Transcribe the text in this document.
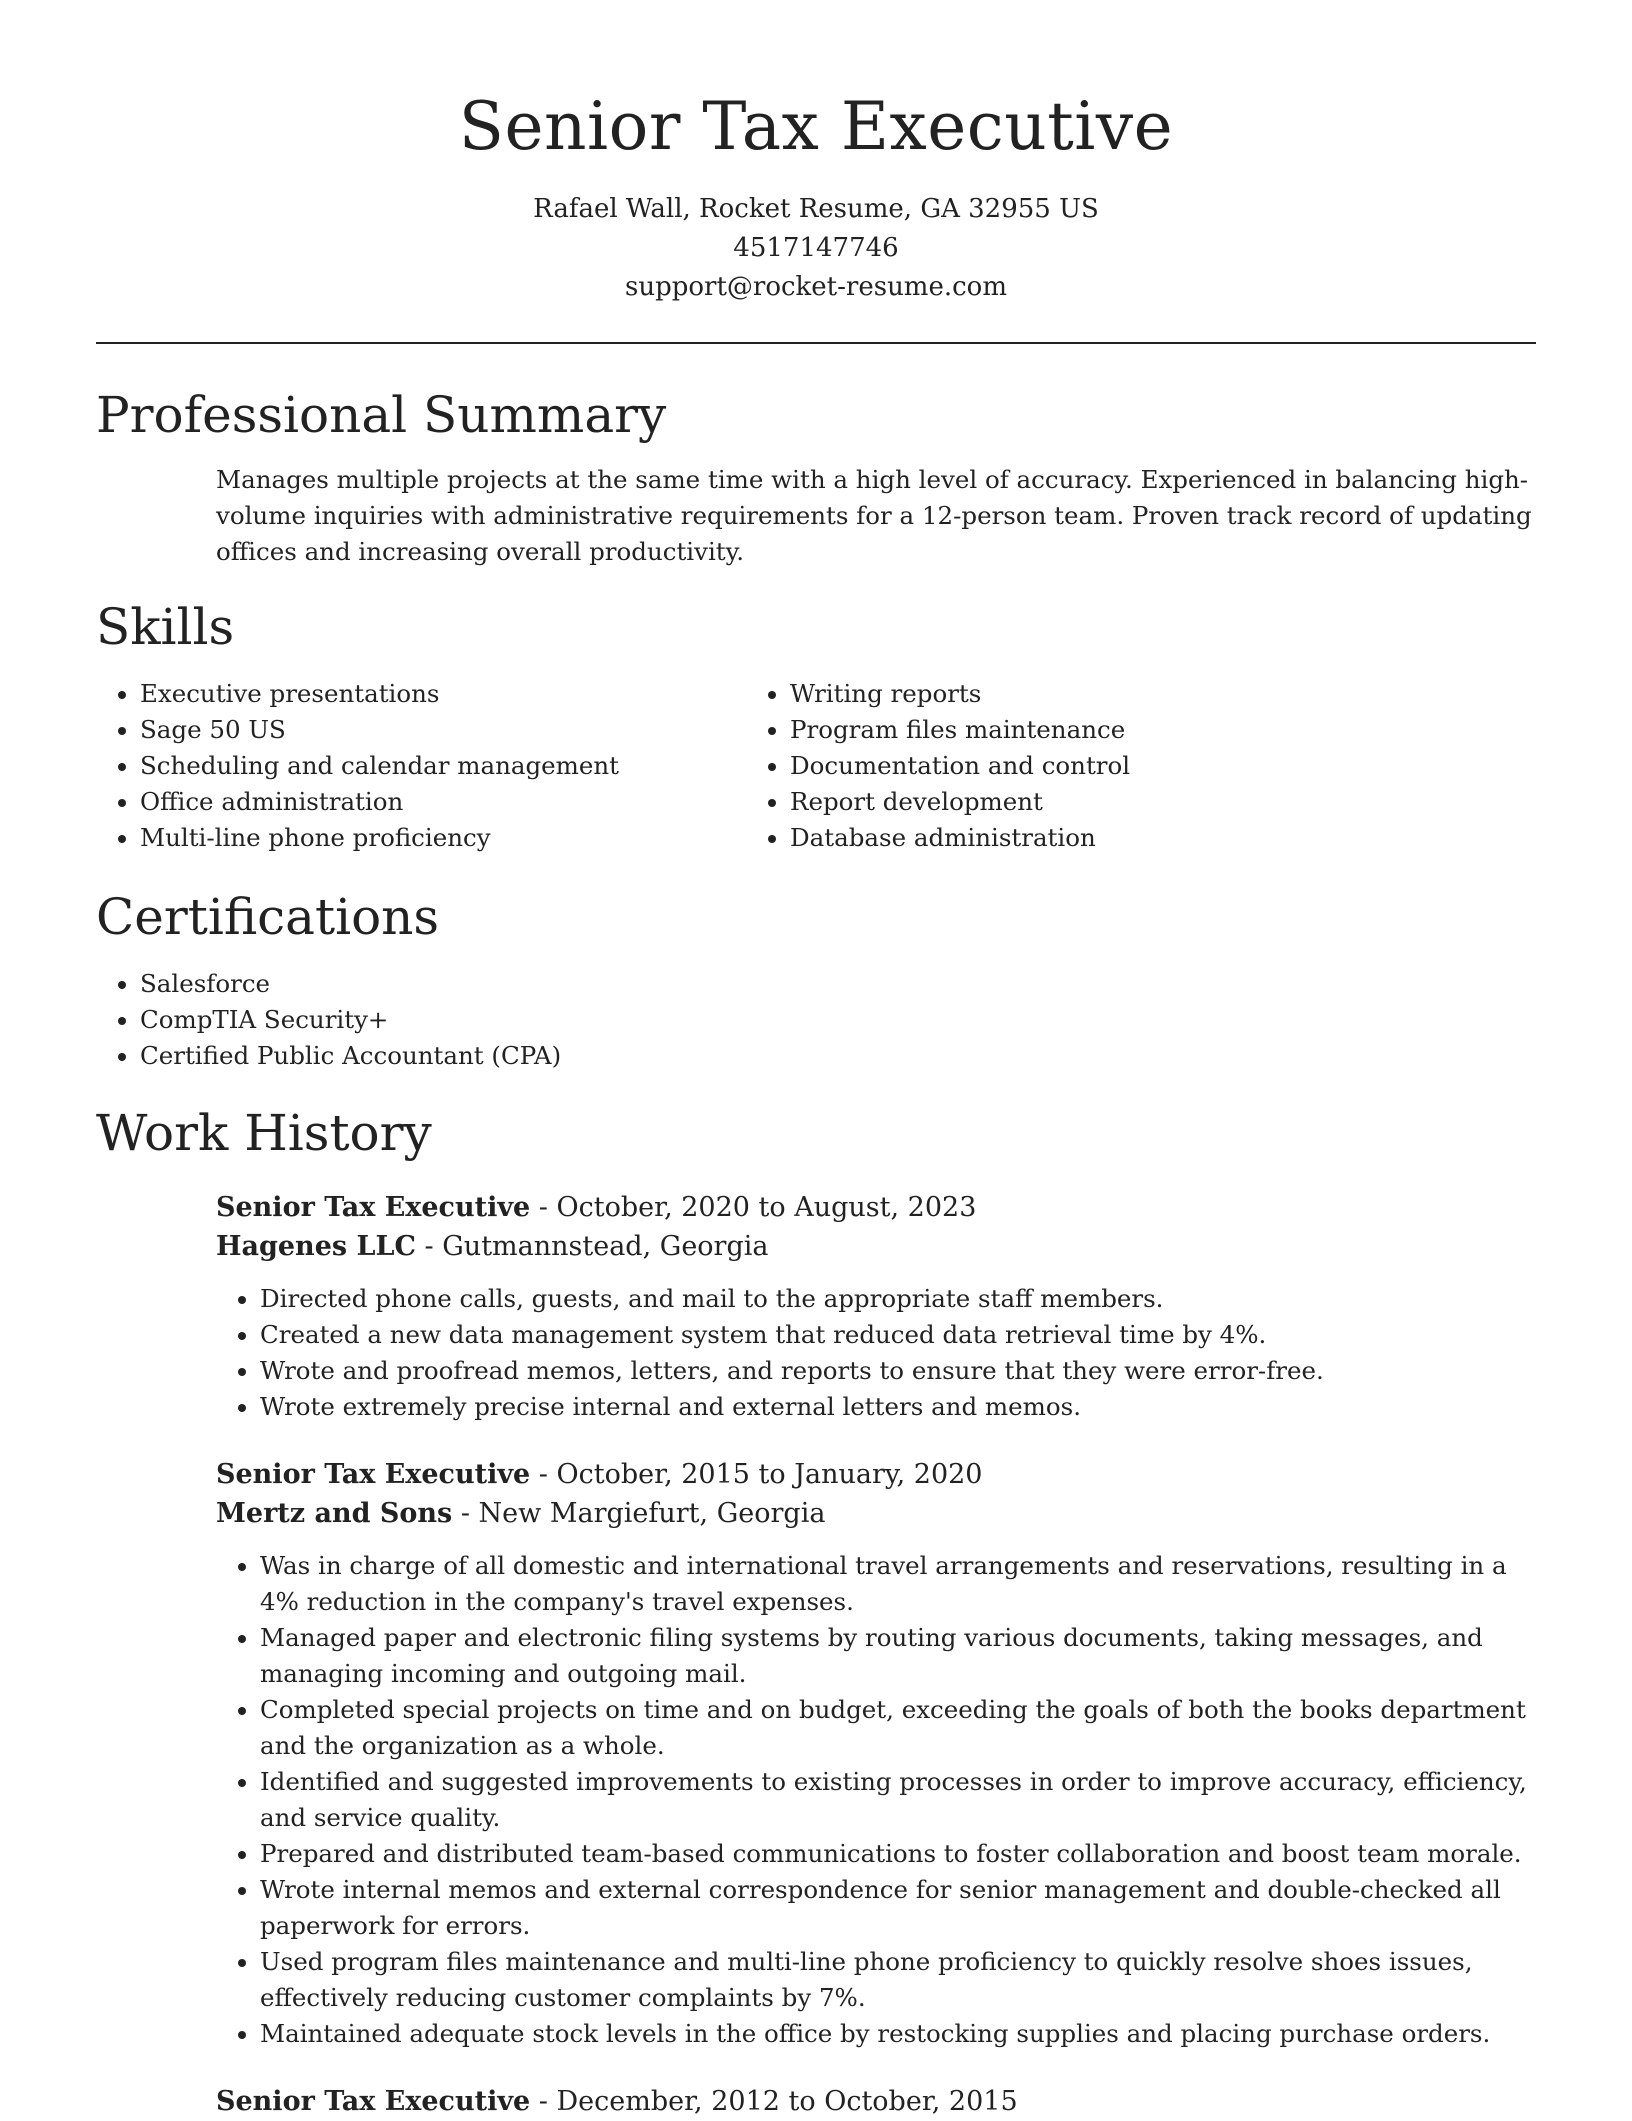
Senior Tax Executive
Rafael Wall, Rocket Resume, GA 32955 US
4517147746
support@rocket-resume.com
Professional Summary

Manages multiple projects at the same time with a high level of accuracy. Experienced in balancing high-volume inquiries with administrative requirements for a 12-person team. Proven track record of updating offices and increasing overall productivity.

Skills
• Executive presentations
• Sage 50 US
• Scheduling and calendar management
• Office administration
• Multi-line phone proficiency
• Writing reports
• Program files maintenance
• Documentation and control
• Report development
• Database administration
Certifications
• Salesforce
• CompTIA Security+
• Certified Public Accountant (CPA)
Work History

Senior Tax Executive - October, 2020 to August, 2023

Hagenes LLC - Gutmannstead, Georgia

• Directed phone calls, guests, and mail to the appropriate staff members.
• Created a new data management system that reduced data retrieval time by 4%.
• Wrote and proofread memos, letters, and reports to ensure that they were error-free.
• Wrote extremely precise internal and external letters and memos.

Senior Tax Executive - October, 2015 to January, 2020

Mertz and Sons - New Margiefurt, Georgia

• Was in charge of all domestic and international travel arrangements and reservations, resulting in a 4% reduction in the company's travel expenses.
• Managed paper and electronic filing systems by routing various documents, taking messages, and managing incoming and outgoing mail.
• Completed special projects on time and on budget, exceeding the goals of both the books department and the organization as a whole.
• Identified and suggested improvements to existing processes in order to improve accuracy, efficiency, and service quality.
• Prepared and distributed team-based communications to foster collaboration and boost team morale.
• Wrote internal memos and external correspondence for senior management and double-checked all paperwork for errors.
• Used program files maintenance and multi-line phone proficiency to quickly resolve shoes issues, effectively reducing customer complaints by 7%.
• Maintained adequate stock levels in the office by restocking supplies and placing purchase orders.

Senior Tax Executive - December, 2012 to October, 2015
